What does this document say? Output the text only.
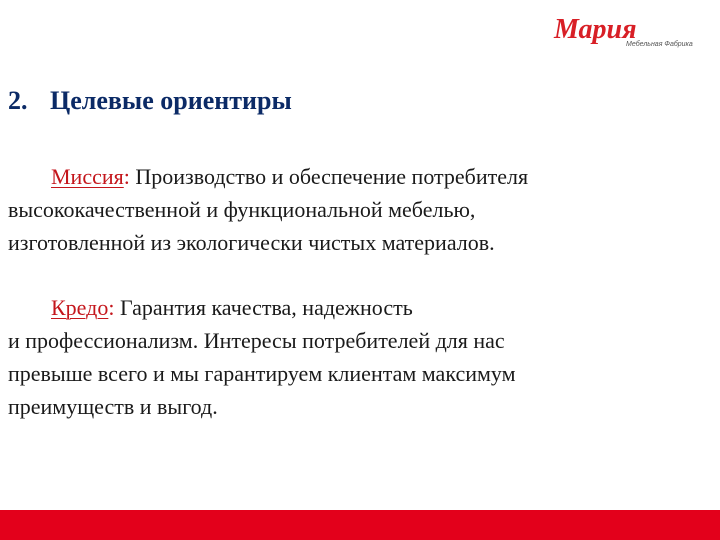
Мария
Мебельная Фабрика
2. Целевые ориентиры
Миссия: Производство и обеспечение потребителя
высококачественной и функциональной мебелью,
изготовленной из экологически чистых материалов.
Кредо: Гарантия качества, надежность
и профессионализм. Интересы потребителей для нас
превыше всего и мы гарантируем клиентам максимум
преимуществ и выгод.
